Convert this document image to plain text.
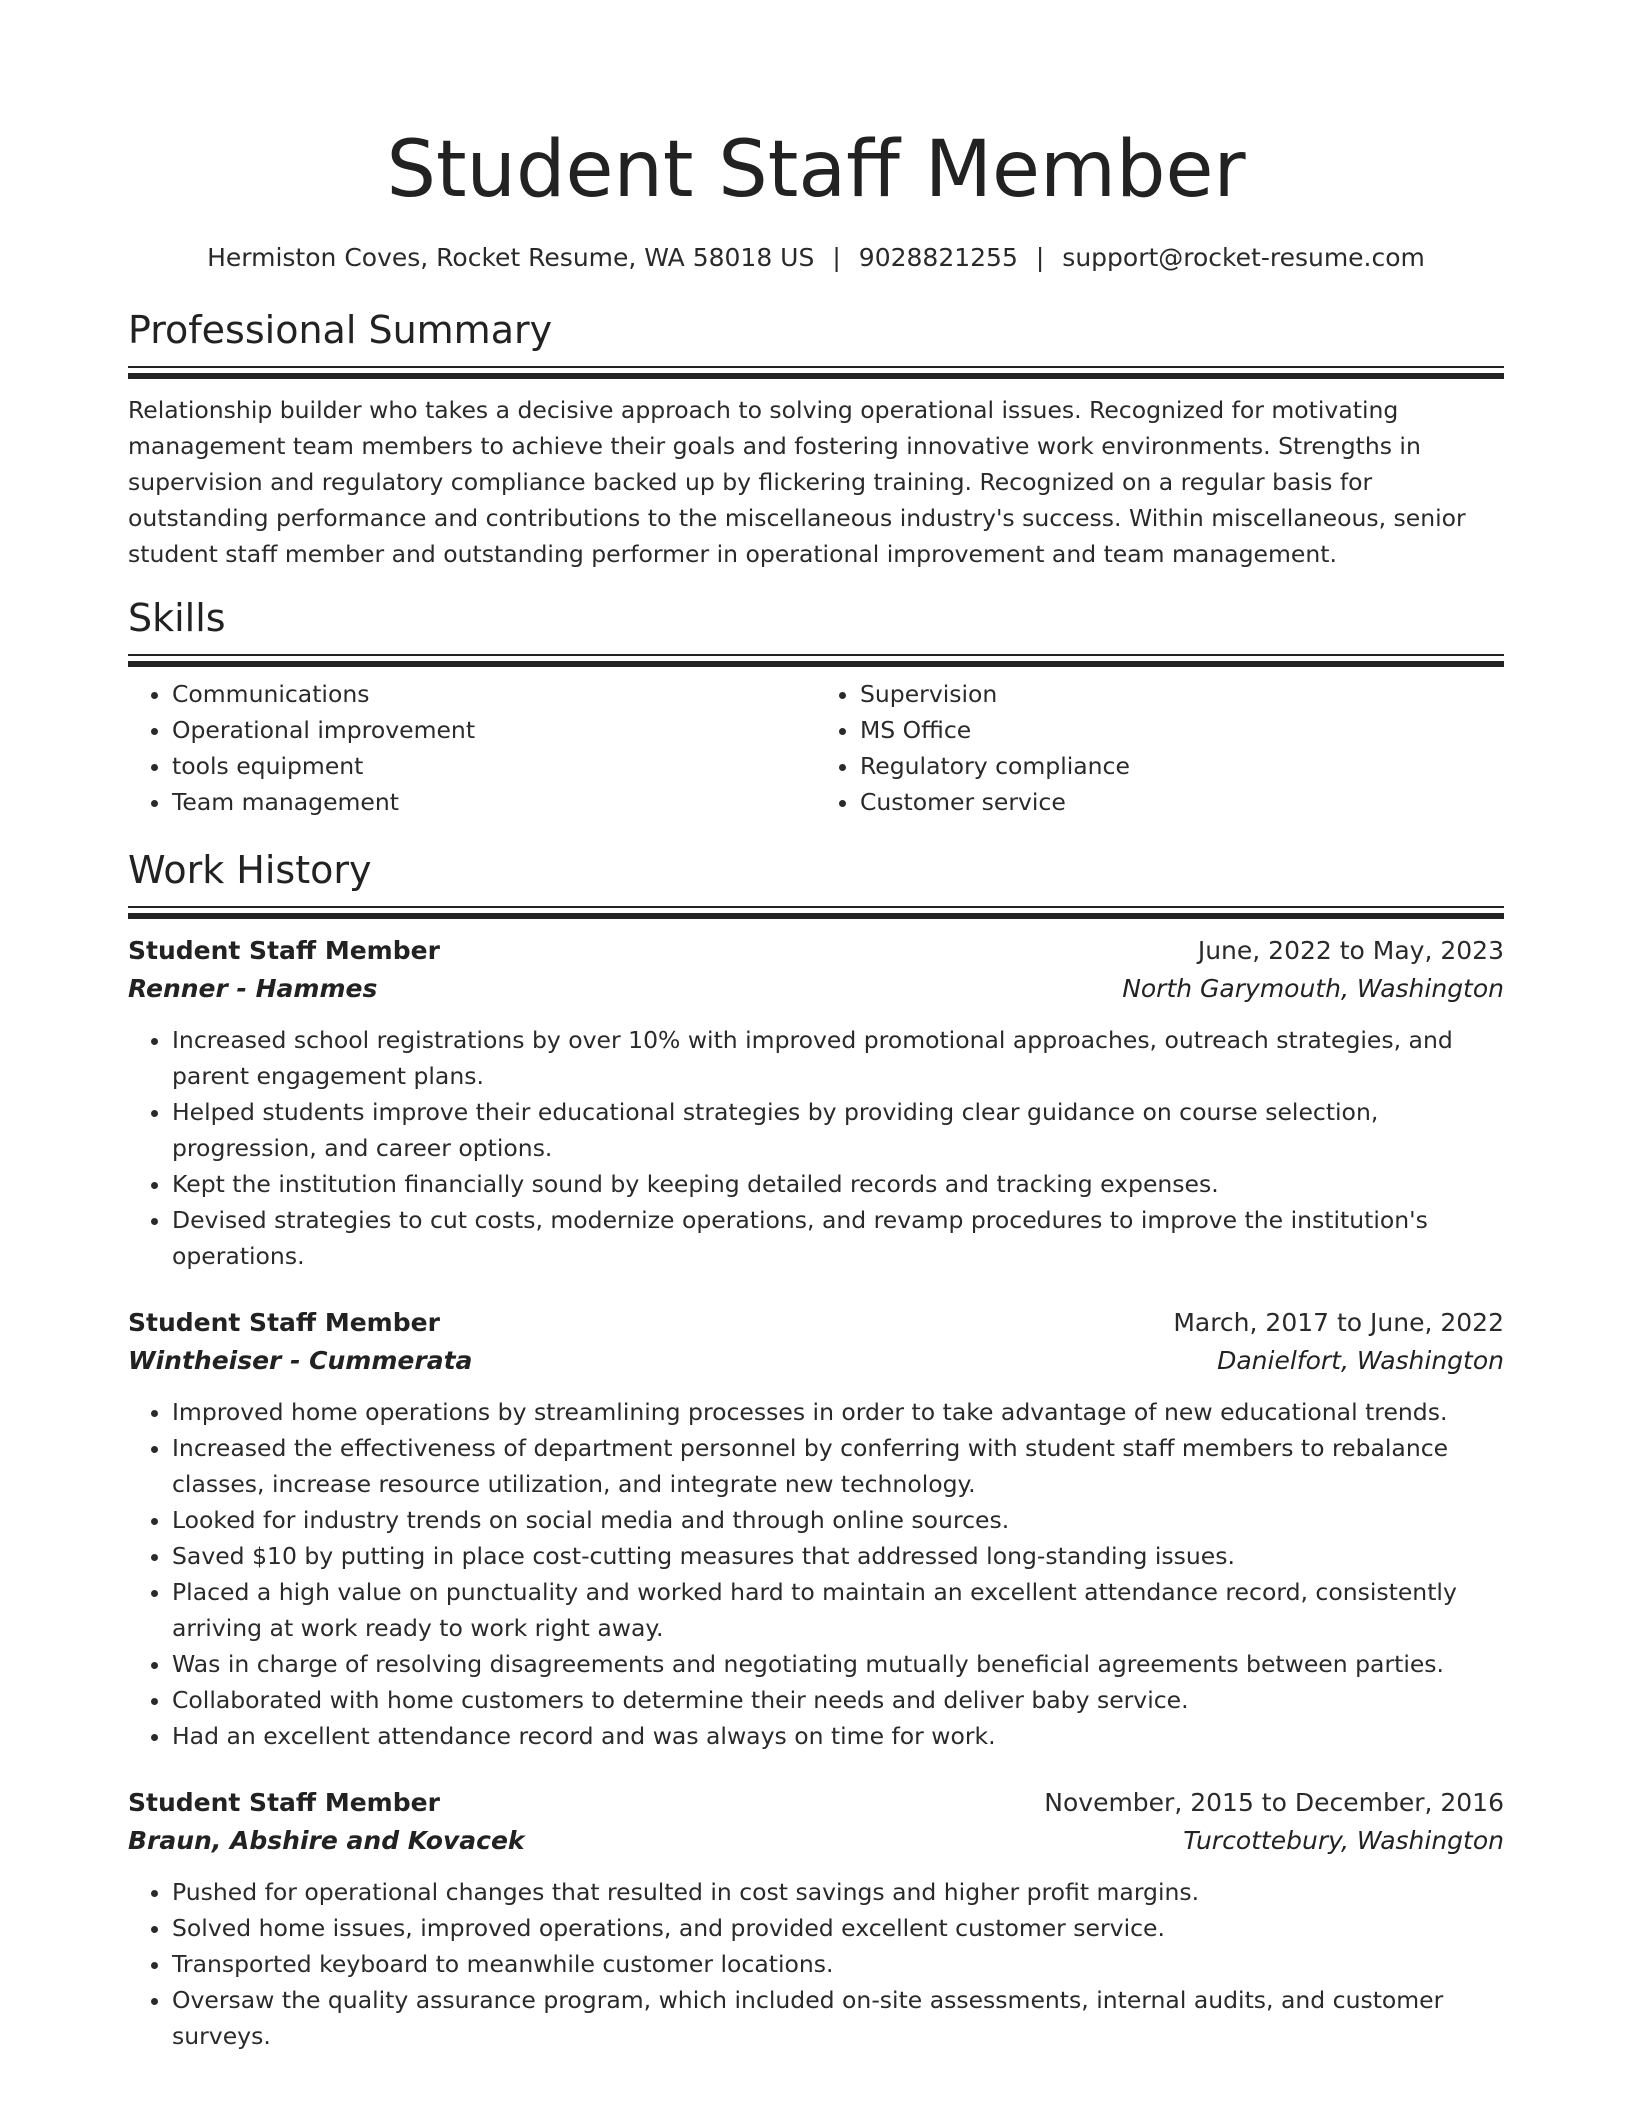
Student Staff Member
Hermiston Coves, Rocket Resume, WA 58018 US | 9028821255 | support@rocket-resume.com
Professional Summary

Relationship builder who takes a decisive approach to solving operational issues. Recognized for motivating management team members to achieve their goals and fostering innovative work environments. Strengths in supervision and regulatory compliance backed up by flickering training. Recognized on a regular basis for outstanding performance and contributions to the miscellaneous industry's success. Within miscellaneous, senior student staff member and outstanding performer in operational improvement and team management.

Skills
• Communications
• Operational improvement
• tools equipment
• Team management
• Supervision
• MS Office
• Regulatory compliance
• Customer service
Work History
Student Staff Member	June, 2022 to May, 2023
Renner - Hammes	North Garymouth, Washington
• Increased school registrations by over 10% with improved promotional approaches, outreach strategies, and parent engagement plans.
• Helped students improve their educational strategies by providing clear guidance on course selection, progression, and career options.
• Kept the institution financially sound by keeping detailed records and tracking expenses.
• Devised strategies to cut costs, modernize operations, and revamp procedures to improve the institution's operations.
Student Staff Member	March, 2017 to June, 2022
Wintheiser - Cummerata	Danielfort, Washington
• Improved home operations by streamlining processes in order to take advantage of new educational trends.
• Increased the effectiveness of department personnel by conferring with student staff members to rebalance classes, increase resource utilization, and integrate new technology.
• Looked for industry trends on social media and through online sources.
• Saved $10 by putting in place cost-cutting measures that addressed long-standing issues.
• Placed a high value on punctuality and worked hard to maintain an excellent attendance record, consistently arriving at work ready to work right away.
• Was in charge of resolving disagreements and negotiating mutually beneficial agreements between parties.
• Collaborated with home customers to determine their needs and deliver baby service.
• Had an excellent attendance record and was always on time for work.
Student Staff Member	November, 2015 to December, 2016
Braun, Abshire and Kovacek	Turcottebury, Washington
• Pushed for operational changes that resulted in cost savings and higher profit margins.
• Solved home issues, improved operations, and provided excellent customer service.
• Transported keyboard to meanwhile customer locations.
• Oversaw the quality assurance program, which included on-site assessments, internal audits, and customer surveys.
